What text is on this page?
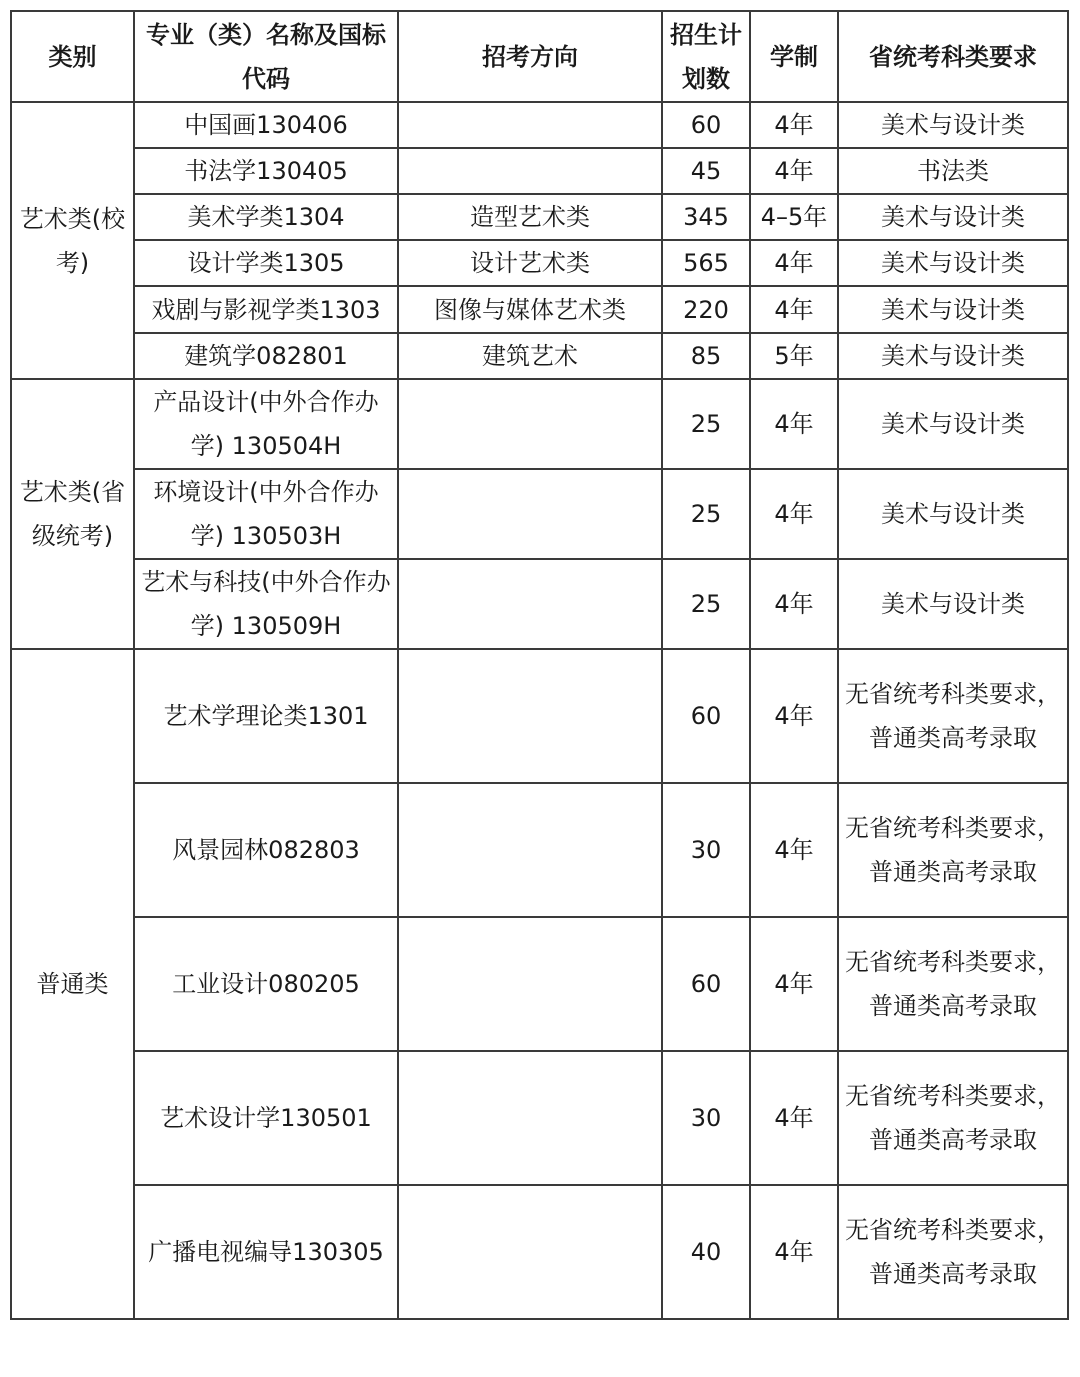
类别	专业（类）名称及国标代码	招考方向	招生计划数	学制	省统考科类要求
艺术类(校考)	中国画130406		60	4年	美术与设计类
	书法学130405		45	4年	书法类
	美术学类1304	造型艺术类	345	4–5年	美术与设计类
	设计学类1305	设计艺术类	565	4年	美术与设计类
	戏剧与影视学类1303	图像与媒体艺术类	220	4年	美术与设计类
	建筑学082801	建筑艺术	85	5年	美术与设计类
艺术类(省级统考)	产品设计(中外合作办学) 130504H		25	4年	美术与设计类
	环境设计(中外合作办学) 130503H		25	4年	美术与设计类
	艺术与科技(中外合作办学) 130509H		25	4年	美术与设计类
普通类	艺术学理论类1301		60	4年	无省统考科类要求，普通类高考录取
	风景园林082803		30	4年	无省统考科类要求，普通类高考录取
	工业设计080205		60	4年	无省统考科类要求，普通类高考录取
	艺术设计学130501		30	4年	无省统考科类要求，普通类高考录取
	广播电视编导130305		40	4年	无省统考科类要求，普通类高考录取
